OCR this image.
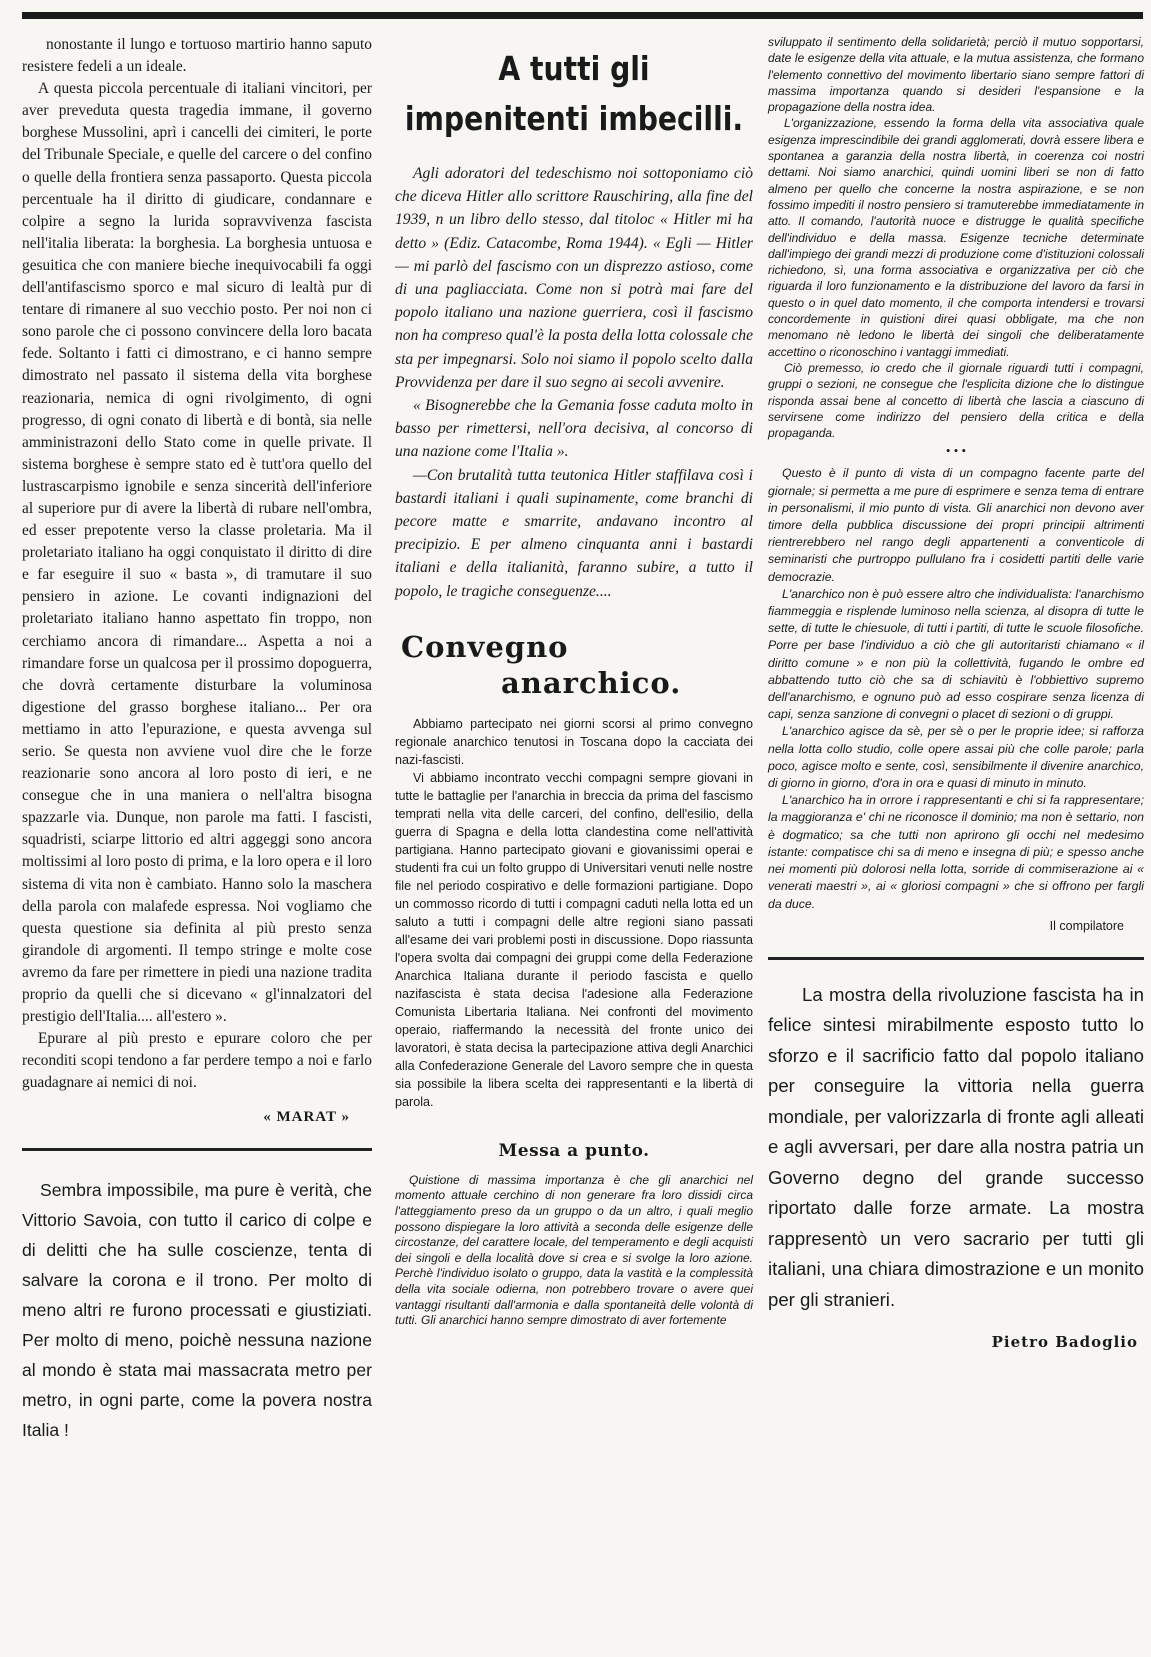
nonostante il lungo e tortuoso martirio hanno saputo resistere fedeli a un ideale.

A questa piccola percentuale di italiani vincitori, per aver preveduta questa tragedia immane, il governo borghese Mussolini, aprì i cancelli dei cimiteri, le porte del Tribunale Speciale, e quelle del carcere o del confino o quelle della frontiera senza passaporto. Questa piccola percentuale ha il diritto di giudicare, condannare e colpire a segno la lurida sopravvivenza fascista nell'italia liberata: la borghesia. La borghesia untuosa e gesuitica che con maniere bieche inequivocabili fa oggi dell'antifascismo sporco e mal sicuro di lealtà pur di tentare di rimanere al suo vecchio posto. Per noi non ci sono parole che ci possono convincere della loro bacata fede. Soltanto i fatti ci dimostrano, e ci hanno sempre dimostrato nel passato il sistema della vita borghese reazionaria, nemica di ogni rivolgimento, di ogni progresso, di ogni conato di libertà e di bontà, sia nelle amministrazoni dello Stato come in quelle private. Il sistema borghese è sempre stato ed è tutt'ora quello del lustrascarpismo ignobile e senza sincerità dell'inferiore al superiore pur di avere la libertà di rubare nell'ombra, ed esser prepotente verso la classe proletaria. Ma il proletariato italiano ha oggi conquistato il diritto di dire e far eseguire il suo « basta », di tramutare il suo pensiero in azione. Le covanti indignazioni del proletariato italiano hanno aspettato fin troppo, non cerchiamo ancora di rimandare... Aspetta a noi a rimandare forse un qualcosa per il prossimo dopoguerra, che dovrà certamente disturbare la voluminosa digestione del grasso borghese italiano... Per ora mettiamo in atto l'epurazione, e questa avvenga sul serio. Se questa non avviene vuol dire che le forze reazionarie sono ancora al loro posto di ieri, e ne consegue che in una maniera o nell'altra bisogna spazzarle via. Dunque, non parole ma fatti. I fascisti, squadristi, sciarpe littorio ed altri aggeggi sono ancora moltissimi al loro posto di prima, e la loro opera e il loro sistema di vita non è cambiato. Hanno solo la maschera della parola con malafede espressa. Noi vogliamo che questa questione sia definita al più presto senza girandole di argomenti. Il tempo stringe e molte cose avremo da fare per rimettere in piedi una nazione tradita proprio da quelli che si dicevano « gl'innalzatori del prestigio dell'Italia.... all'estero ».

Epurare al più presto e epurare coloro che per reconditi scopi tendono a far perdere tempo a noi e farlo guadagnare ai nemici di noi.

« MARAT »

Sembra impossibile, ma pure è verità, che Vittorio Savoia, con tutto il carico di colpe e di delitti che ha sulle coscienze, tenta di salvare la corona e il trono. Per molto di meno altri re furono processati e giustiziati. Per molto di meno, poichè nessuna nazione al mondo è stata mai massacrata metro per metro, in ogni parte, come la povera nostra Italia !

A tutti gli impenitenti imbecilli.

Agli adoratori del tedeschismo noi sottoponiamo ciò che diceva Hitler allo scrittore Rauschiring, alla fine del 1939, n un libro dello stesso, dal titoloc « Hitler mi ha detto » (Ediz. Catacombe, Roma 1944). « Egli — Hitler — mi parlò del fascismo con un disprezzo astioso, come di una pagliacciata. Come non si potrà mai fare del popolo italiano una nazione guerriera, così il fascismo non ha compreso qual'è la posta della lotta colossale che sta per impegnarsi. Solo noi siamo il popolo scelto dalla Provvidenza per dare il suo segno ai secoli avvenire.

« Bisognerebbe che la Gemania fosse caduta molto in basso per rimettersi, nell'ora decisiva, al concorso di una nazione come l'Italia ».

—Con brutalità tutta teutonica Hitler staffilava così i bastardi italiani i quali supinamente, come branchi di pecore matte e smarrite, andavano incontro al precipizio. E per almeno cinquanta anni i bastardi italiani e della italianità, faranno subire, a tutto il popolo, le tragiche conseguenze....

Convegno
anarchico.

Abbiamo partecipato nei giorni scorsi al primo convegno regionale anarchico tenutosi in Toscana dopo la cacciata dei nazi-fascisti.

Vi abbiamo incontrato vecchi compagni sempre giovani in tutte le battaglie per l'anarchia in breccia da prima del fascismo temprati nella vita delle carceri, del confino, dell'esilio, della guerra di Spagna e della lotta clandestina come nell'attività partigiana. Hanno partecipato giovani e giovanissimi operai e studenti fra cui un folto gruppo di Universitari venuti nelle nostre file nel periodo cospirativo e delle formazioni partigiane. Dopo un commosso ricordo di tutti i compagni caduti nella lotta ed un saluto a tutti i compagni delle altre regioni siano passati all'esame dei vari problemi posti in discussione. Dopo riassunta l'opera svolta dai compagni dei gruppi come della Federazione Anarchica Italiana durante il periodo fascista e quello nazifascista è stata decisa l'adesione alla Federazione Comunista Libertaria Italiana. Nei confronti del movimento operaio, riaffermando la necessità del fronte unico dei lavoratori, è stata decisa la partecipazione attiva degli Anarchici alla Confederazione Generale del Lavoro sempre che in questa sia possibile la libera scelta dei rappresentanti e la libertà di parola.

Messa a punto.

Quistione di massima importanza è che gli anarchici nel momento attuale cerchino di non generare fra loro dissidi circa l'atteggiamento preso da un gruppo o da un altro, i quali meglio possono dispiegare la loro attività a seconda delle esigenze delle circostanze, del carattere locale, del temperamento e degli acquisti dei singoli e della località dove si crea e si svolge la loro azione. Perchè l'individuo isolato o gruppo, data la vastità e la complessità della vita sociale odierna, non potrebbero trovare o avere quei vantaggi risultanti dall'armonia e dalla spontaneità delle volontà di tutti. Gli anarchici hanno sempre dimostrato di aver fortemente

sviluppato il sentimento della solidarietà; perciò il mutuo sopportarsi, date le esigenze della vita attuale, e la mutua assistenza, che formano l'elemento connettivo del movimento libertario siano sempre fattori di massima importanza quando si desideri l'espansione e la propagazione della nostra idea.

L'organizzazione, essendo la forma della vita associativa quale esigenza imprescindibile dei grandi agglomerati, dovrà essere libera e spontanea a garanzia della nostra libertà, in coerenza coi nostri dettami. Noi siamo anarchici, quindi uomini liberi se non di fatto almeno per quello che concerne la nostra aspirazione, e se non fossimo impediti il nostro pensiero si tramuterebbe immediatamente in atto. Il comando, l'autorità nuoce e distrugge le qualità specifiche dell'individuo e della massa. Esigenze tecniche determinate dall'impiego dei grandi mezzi di produzione come d'istituzioni colossali richiedono, sì, una forma associativa e organizzativa per ciò che riguarda il loro funzionamento e la distribuzione del lavoro da farsi in questo o in quel dato momento, il che comporta intendersi e trovarsi concordemente in quistioni direi quasi obbligate, ma che non menomano nè ledono le libertà dei singoli che deliberatamente accettino o riconoschino i vantaggi immediati.

Ciò premesso, io credo che il giornale riguardi tutti i compagni, gruppi o sezioni, ne consegue che l'esplicita dizione che lo distingue risponda assai bene al concetto di libertà che lascia a ciascuno di servirsene come indirizzo del pensiero della critica e della propaganda.

• • •

Questo è il punto di vista di un compagno facente parte del giornale; si permetta a me pure di esprimere e senza tema di entrare in personalismi, il mio punto di vista. Gli anarchici non devono aver timore della pubblica discussione dei propri principii altrimenti rientrerebbero nel rango degli appartenenti a conventicole di seminaristi che purtroppo pullulano fra i cosidetti partiti delle varie democrazie.

L'anarchico non è può essere altro che individualista: l'anarchismo fiammeggia e risplende luminoso nella scienza, al disopra di tutte le sette, di tutte le chiesuole, di tutti i partiti, di tutte le scuole filosofiche. Porre per base l'individuo a ciò che gli autoritaristi chiamano « il diritto comune » e non più la collettività, fugando le ombre ed abbattendo tutto ciò che sa di schiavitù è l'obbiettivo supremo dell'anarchismo, e ognuno può ad esso cospirare senza licenza di capi, senza sanzione di convegni o placet di sezioni o di gruppi.

L'anarchico agisce da sè, per sè o per le proprie idee; si rafforza nella lotta collo studio, colle opere assai più che colle parole; parla poco, agisce molto e sente, così, sensibilmente il divenire anarchico, di giorno in giorno, d'ora in ora e quasi di minuto in minuto.

L'anarchico ha in orrore i rappresentanti e chi si fa rappresentare; la maggioranza e' chi ne riconosce il dominio; ma non è settario, non è dogmatico; sa che tutti non aprirono gli occhi nel medesimo istante: compatisce chi sa di meno e insegna di più; e spesso anche nei momenti più dolorosi nella lotta, sorride di commiserazione ai « venerati maestri », ai « gloriosi compagni » che si offrono per fargli da duce.

Il compilatore

La mostra della rivoluzione fascista ha in felice sintesi mirabilmente esposto tutto lo sforzo e il sacrificio fatto dal popolo italiano per conseguire la vittoria nella guerra mondiale, per valorizzarla di fronte agli alleati e agli avversari, per dare alla nostra patria un Governo degno del grande successo riportato dalle forze armate. La mostra rappresentò un vero sacrario per tutti gli italiani, una chiara dimostrazione e un monito per gli stranieri.

Pietro Badoglio
